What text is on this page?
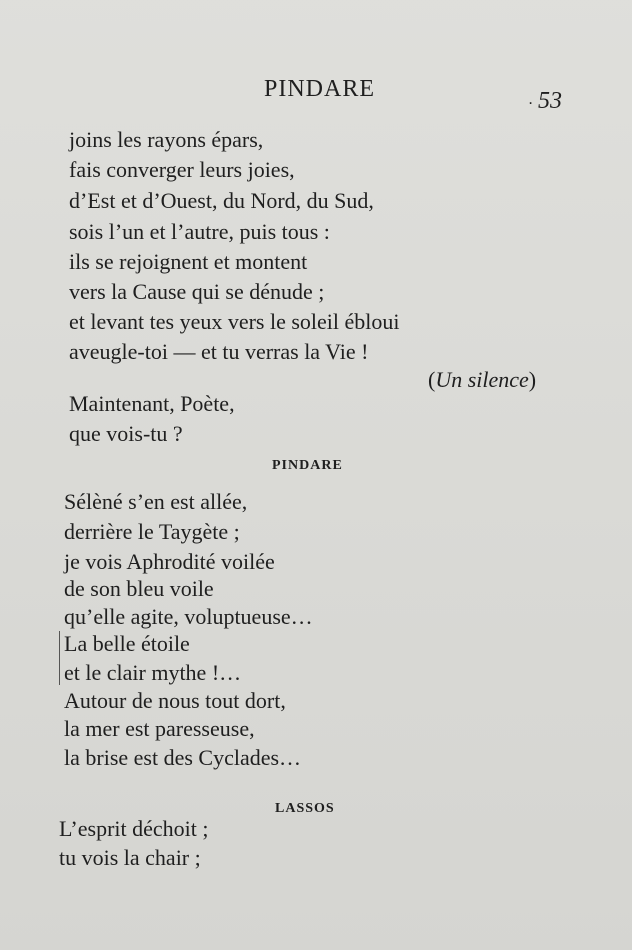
PINDARE
.	53
joins les rayons épars,
fais converger leurs joies,
d’Est et d’Ouest, du Nord, du Sud,
sois l’un et l’autre, puis tous :
ils se rejoignent et montent
vers la Cause qui se dénude ;
et levant tes yeux vers le soleil ébloui
aveugle-toi — et tu verras la Vie !
(Un silence)
Maintenant, Poète,
que vois-tu ?
PINDARE
Sélèné s’en est allée,
derrière le Taygète ;
je vois Aphrodité voilée
de son bleu voile
qu’elle agite, voluptueuse…
La belle étoile
et le clair mythe !…
Autour de nous tout dort,
la mer est paresseuse,
la brise est des Cyclades…
LASSOS
L’esprit déchoit ;
tu vois la chair ;
